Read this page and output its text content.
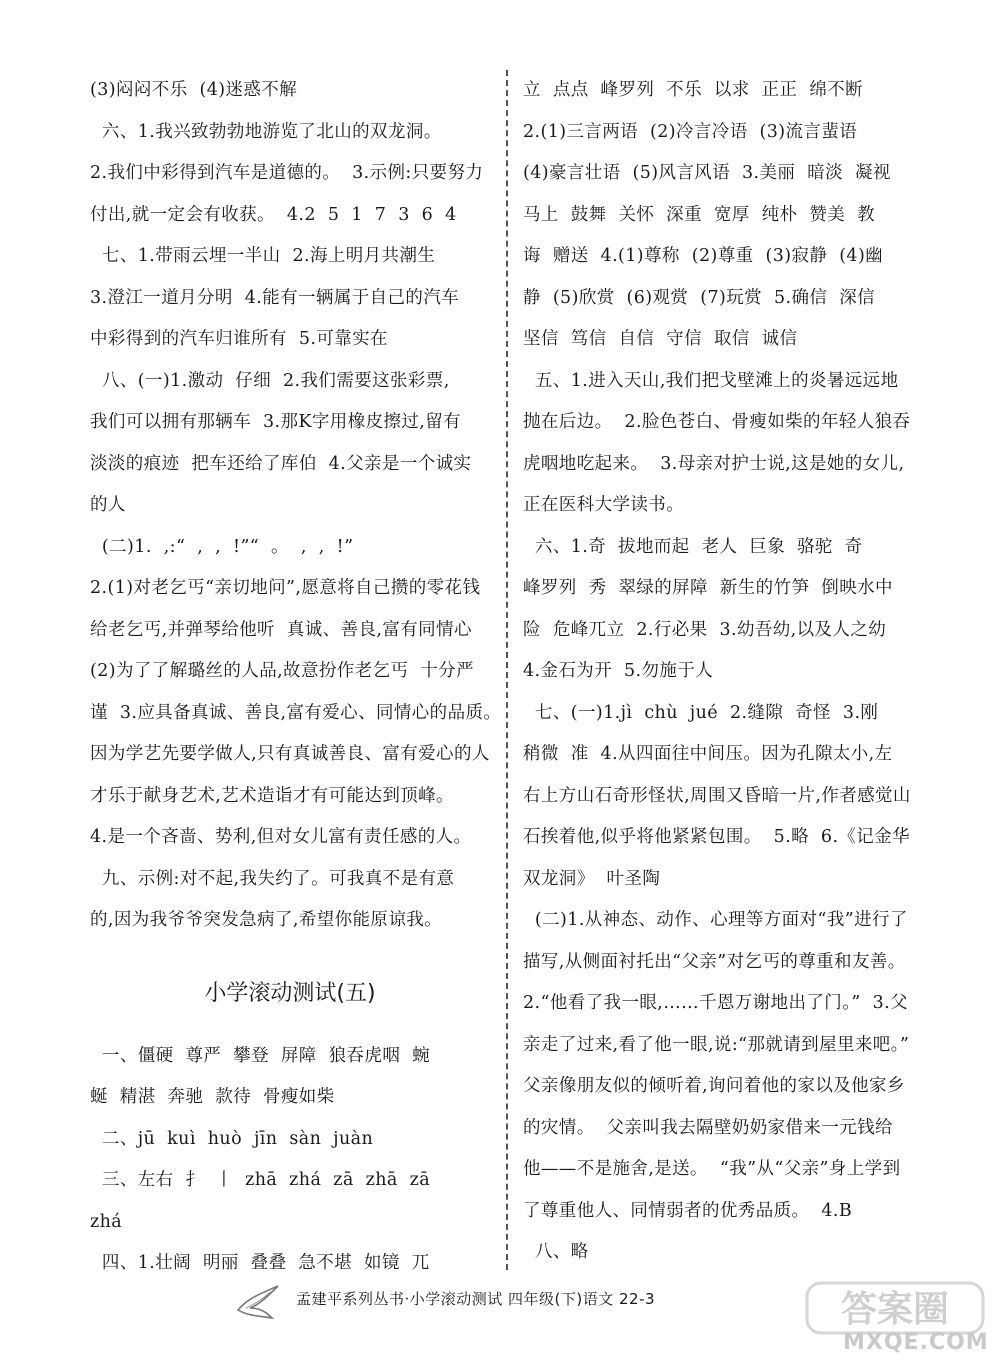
(3)闷闷不乐  (4)迷惑不解
六、1.我兴致勃勃地游览了北山的双龙洞。
2.我们中彩得到汽车是道德的。  3.示例:只要努力
付出,就一定会有收获。  4.2  5  1  7  3  6  4
七、1.带雨云埋一半山  2.海上明月共潮生
3.澄江一道月分明  4.能有一辆属于自己的汽车
中彩得到的汽车归谁所有  5.可靠实在
八、(一)1.激动  仔细  2.我们需要这张彩票,
我们可以拥有那辆车  3.那K字用橡皮擦过,留有
淡淡的痕迹  把车还给了库伯  4.父亲是一个诚实
的人
(二)1.  ,:“  ,  ,  !”“  。  ,  ,  !”
2.(1)对老乞丐“亲切地问”,愿意将自己攒的零花钱
给老乞丐,并弹琴给他听  真诚、善良,富有同情心
(2)为了了解璐丝的人品,故意扮作老乞丐  十分严
谨  3.应具备真诚、善良,富有爱心、同情心的品质。
因为学艺先要学做人,只有真诚善良、富有爱心的人
才乐于献身艺术,艺术造诣才有可能达到顶峰。
4.是一个吝啬、势利,但对女儿富有责任感的人。
九、示例:对不起,我失约了。可我真不是有意
的,因为我爷爷突发急病了,希望你能原谅我。
小学滚动测试(五)
一、僵硬  尊严  攀登  屏障  狼吞虎咽  蜿
蜒  精湛  奔驰  款待  骨瘦如柴
二、jū  kuì  huò  jīn  sàn  juàn
三、左右  扌  丨  zhā  zhá  zā  zhā  zā
zhá
四、1.壮阔  明丽  叠叠  急不堪  如镜  兀
立  点点  峰罗列  不乐  以求  正正  绵不断
2.(1)三言两语  (2)冷言冷语  (3)流言蜚语
(4)豪言壮语  (5)风言风语  3.美丽  暗淡  凝视
马上  鼓舞  关怀  深重  宽厚  纯朴  赞美  教
诲  赠送  4.(1)尊称  (2)尊重  (3)寂静  (4)幽
静  (5)欣赏  (6)观赏  (7)玩赏  5.确信  深信
坚信  笃信  自信  守信  取信  诚信
五、1.进入天山,我们把戈壁滩上的炎暑远远地
抛在后边。  2.脸色苍白、骨瘦如柴的年轻人狼吞
虎咽地吃起来。  3.母亲对护士说,这是她的女儿,
正在医科大学读书。
六、1.奇  拔地而起  老人  巨象  骆驼  奇
峰罗列  秀  翠绿的屏障  新生的竹笋  倒映水中
险  危峰兀立  2.行必果  3.幼吾幼,以及人之幼
4.金石为开  5.勿施于人
七、(一)1.jì  chù  jué  2.缝隙  奇怪  3.刚
稍微  准  4.从四面往中间压。因为孔隙太小,左
右上方山石奇形怪状,周围又昏暗一片,作者感觉山
石挨着他,似乎将他紧紧包围。  5.略  6.《记金华
双龙洞》  叶圣陶
(二)1.从神态、动作、心理等方面对“我”进行了
描写,从侧面衬托出“父亲”对乞丐的尊重和友善。
2.“他看了我一眼,……千恩万谢地出了门。”  3.父
亲走了过来,看了他一眼,说:“那就请到屋里来吧。”
父亲像朋友似的倾听着,询问着他的家以及他家乡
的灾情。  父亲叫我去隔壁奶奶家借来一元钱给
他——不是施舍,是送。  “我”从“父亲”身上学到
了尊重他人、同情弱者的优秀品质。  4.B
八、略
孟建平系列丛书·小学滚动测试 四年级(下)语文 22-3	答案圈
MXQE.COM
